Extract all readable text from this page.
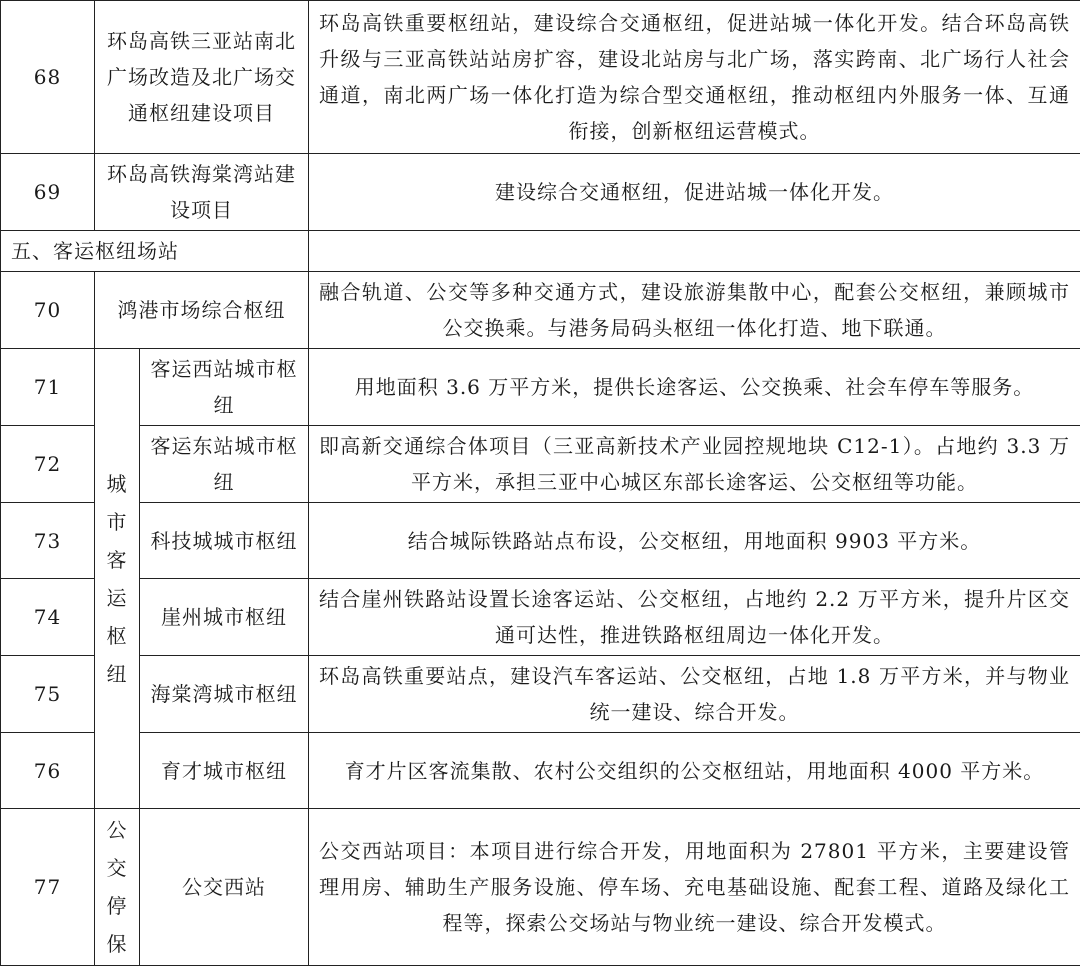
68	环岛高铁三亚站南北广场改造及北广场交通枢纽建设项目		环岛高铁重要枢纽站，建设综合交通枢纽，促进站城一体化开发。结合环岛高铁升级与三亚高铁站站房扩容，建设北站房与北广场，落实跨南、北广场行人社会通道，南北两广场一体化打造为综合型交通枢纽，推动枢纽内外服务一体、互通衔接，创新枢纽运营模式。
69	环岛高铁海棠湾站建设项目		建设综合交通枢纽，促进站城一体化开发。
五、客运枢纽场站			
70	鸿港市场综合枢纽		融合轨道、公交等多种交通方式，建设旅游集散中心，配套公交枢纽，兼顾城市公交换乘。与港务局码头枢纽一体化打造、地下联通。
71	城市客运枢纽	客运西站城市枢纽	用地面积 3.6 万平方米，提供长途客运、公交换乘、社会车停车等服务。
72		客运东站城市枢纽	即高新交通综合体项目（三亚高新技术产业园控规地块 C12-1）。占地约 3.3 万平方米，承担三亚中心城区东部长途客运、公交枢纽等功能。
73		科技城城市枢纽	结合城际铁路站点布设，公交枢纽，用地面积 9903 平方米。
74		崖州城市枢纽	结合崖州铁路站设置长途客运站、公交枢纽，占地约 2.2 万平方米，提升片区交通可达性，推进铁路枢纽周边一体化开发。
75		海棠湾城市枢纽	环岛高铁重要站点，建设汽车客运站、公交枢纽，占地 1.8 万平方米，并与物业统一建设、综合开发。
76		育才城市枢纽	育才片区客流集散、农村公交组织的公交枢纽站，用地面积 4000 平方米。
77	公交停保	公交西站	公交西站项目：本项目进行综合开发，用地面积为 27801 平方米，主要建设管理用房、辅助生产服务设施、停车场、充电基础设施、配套工程、道路及绿化工程等，探索公交场站与物业统一建设、综合开发模式。
